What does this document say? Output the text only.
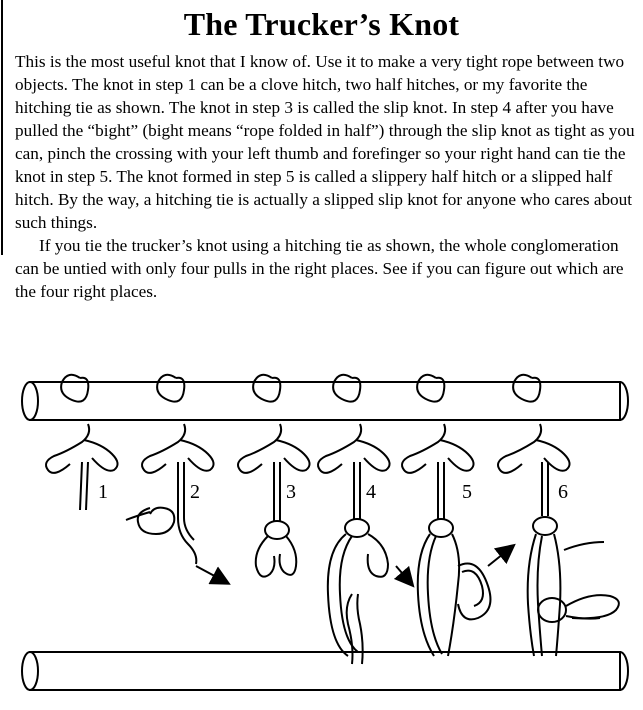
The Trucker’s Knot

This is the most useful knot that I know of. Use it to make a very tight rope between two objects. The knot in step 1 can be a clove hitch, two half hitches, or my favorite the hitching tie as shown. The knot in step 3 is called the slip knot. In step 4 after you have pulled the “bight” (bight means “rope folded in half”) through the slip knot as tight as you can, pinch the crossing with your left thumb and forefinger so your right hand can tie the knot in step 5. The knot formed in step 5 is called a slippery half hitch or a slipped half hitch. By the way, a hitching tie is actually a slipped slip knot for anyone who cares about such things.

If you tie the trucker’s knot using a hitching tie as shown, the whole conglomeration can be untied with only four pulls in the right places. See if you can figure out which are the four right places.

1	2	3	4	5	6
